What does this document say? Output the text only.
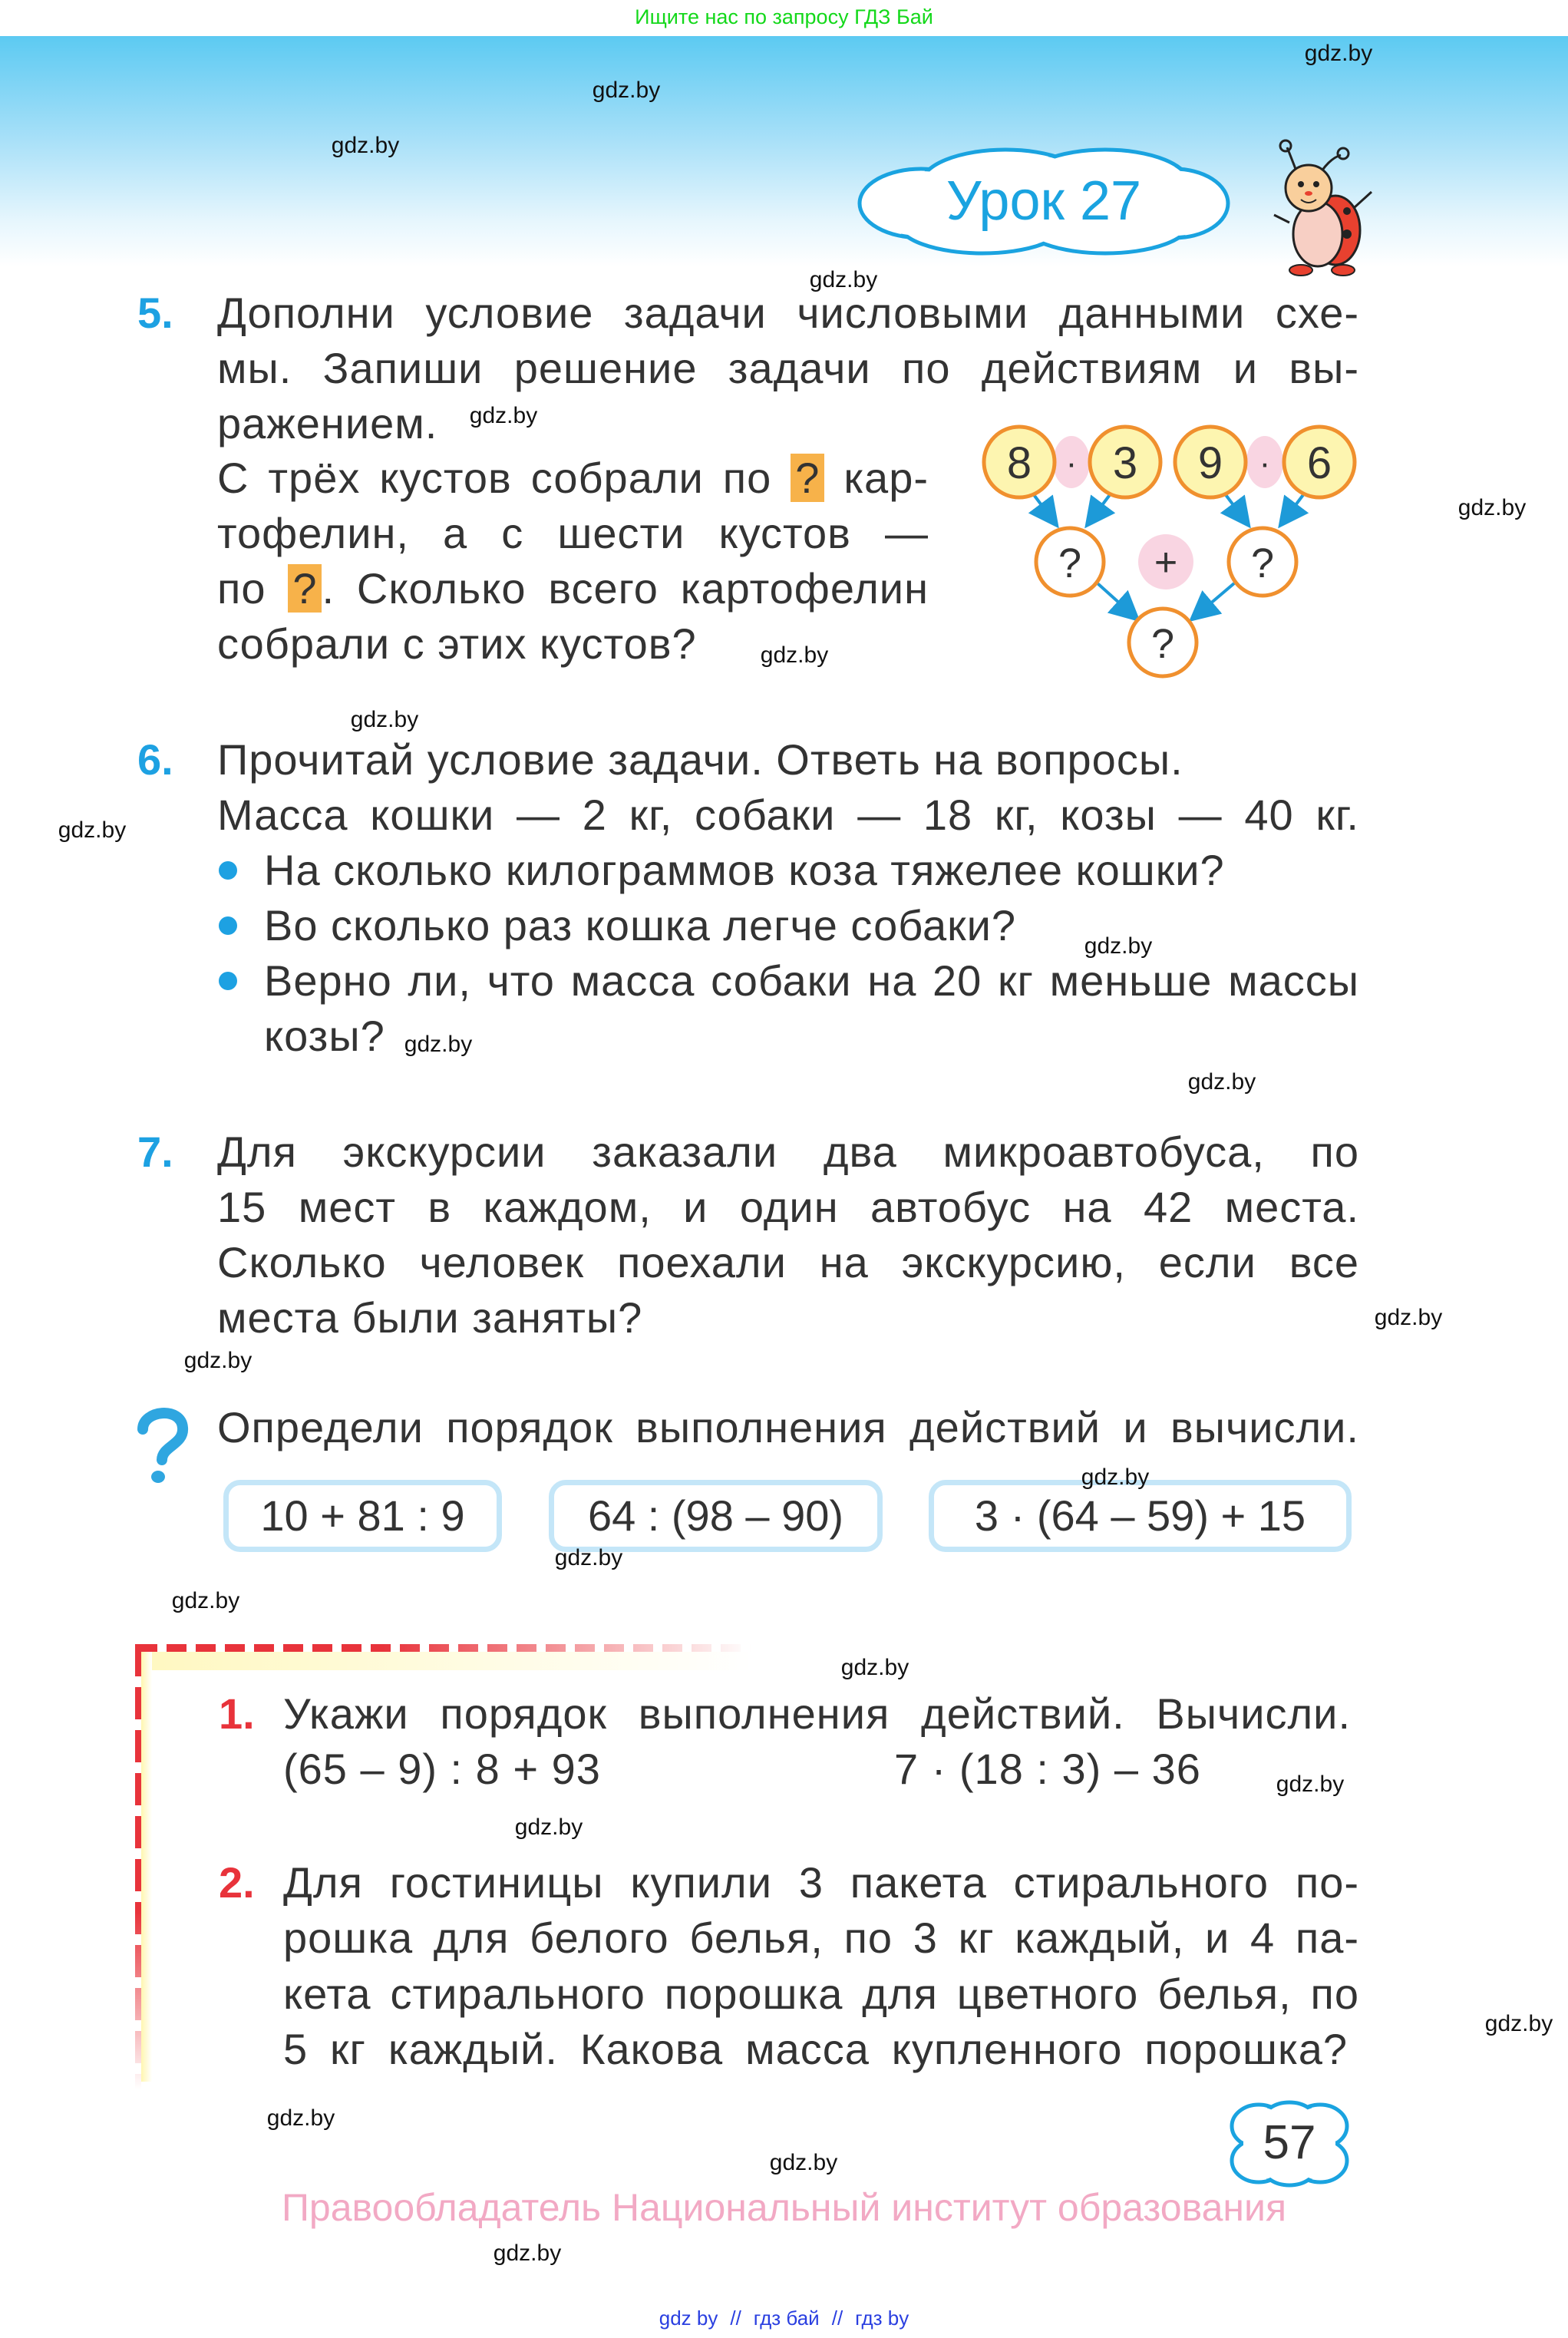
Ищите нас по запросу ГДЗ Бай
Урок 27
5. Дополни условие задачи числовыми данными схе-
мы. Запиши решение задачи по действиям и вы-
ражением.
С трёх кустов собрали по ? кар-
тофелин, а с шести кустов —
по ? . Сколько всего картофелин
собрали с этих кустов?
8 3 9 6
·	·
+
?	?
?
6. Прочитай условие задачи. Ответь на вопросы.
Масса кошки — 2 кг, собаки — 18 кг, козы — 40 кг.
На сколько килограммов коза тяжелее кошки?
Во сколько раз кошка легче собаки?
Верно ли, что масса собаки на 20 кг меньше массы
козы?
7. Для экскурсии заказали два микроавтобуса, по
15 мест в каждом, и один автобус на 42 места.
Сколько человек поехали на экскурсию, если все
места были заняты?
Определи порядок выполнения действий и вычисли.
10 + 81 : 9	64 : (98 – 90)	3 · (64 – 59) + 15
1. Укажи порядок выполнения действий. Вычисли.
(65 – 9) : 8 + 93	7 · (18 : 3) – 36
2. Для гостиницы купили 3 пакета стирального по-
рошка для белого белья, по 3 кг каждый, и 4 па-
кета стирального порошка для цветного белья, по
5 кг каждый. Какова масса купленного порошка?
57
Правообладатель Национальный институт образования
gdz by // гдз бай // гдз by
gdz.by
gdz.by
gdz.by
gdz.by
gdz.by
gdz.by
gdz.by
gdz.by
gdz.by
gdz.by
gdz.by
gdz.by
gdz.by
gdz.by
gdz.by
gdz.by
gdz.by
gdz.by
gdz.by
gdz.by
gdz.by
gdz.by
gdz.by
gdz.by
